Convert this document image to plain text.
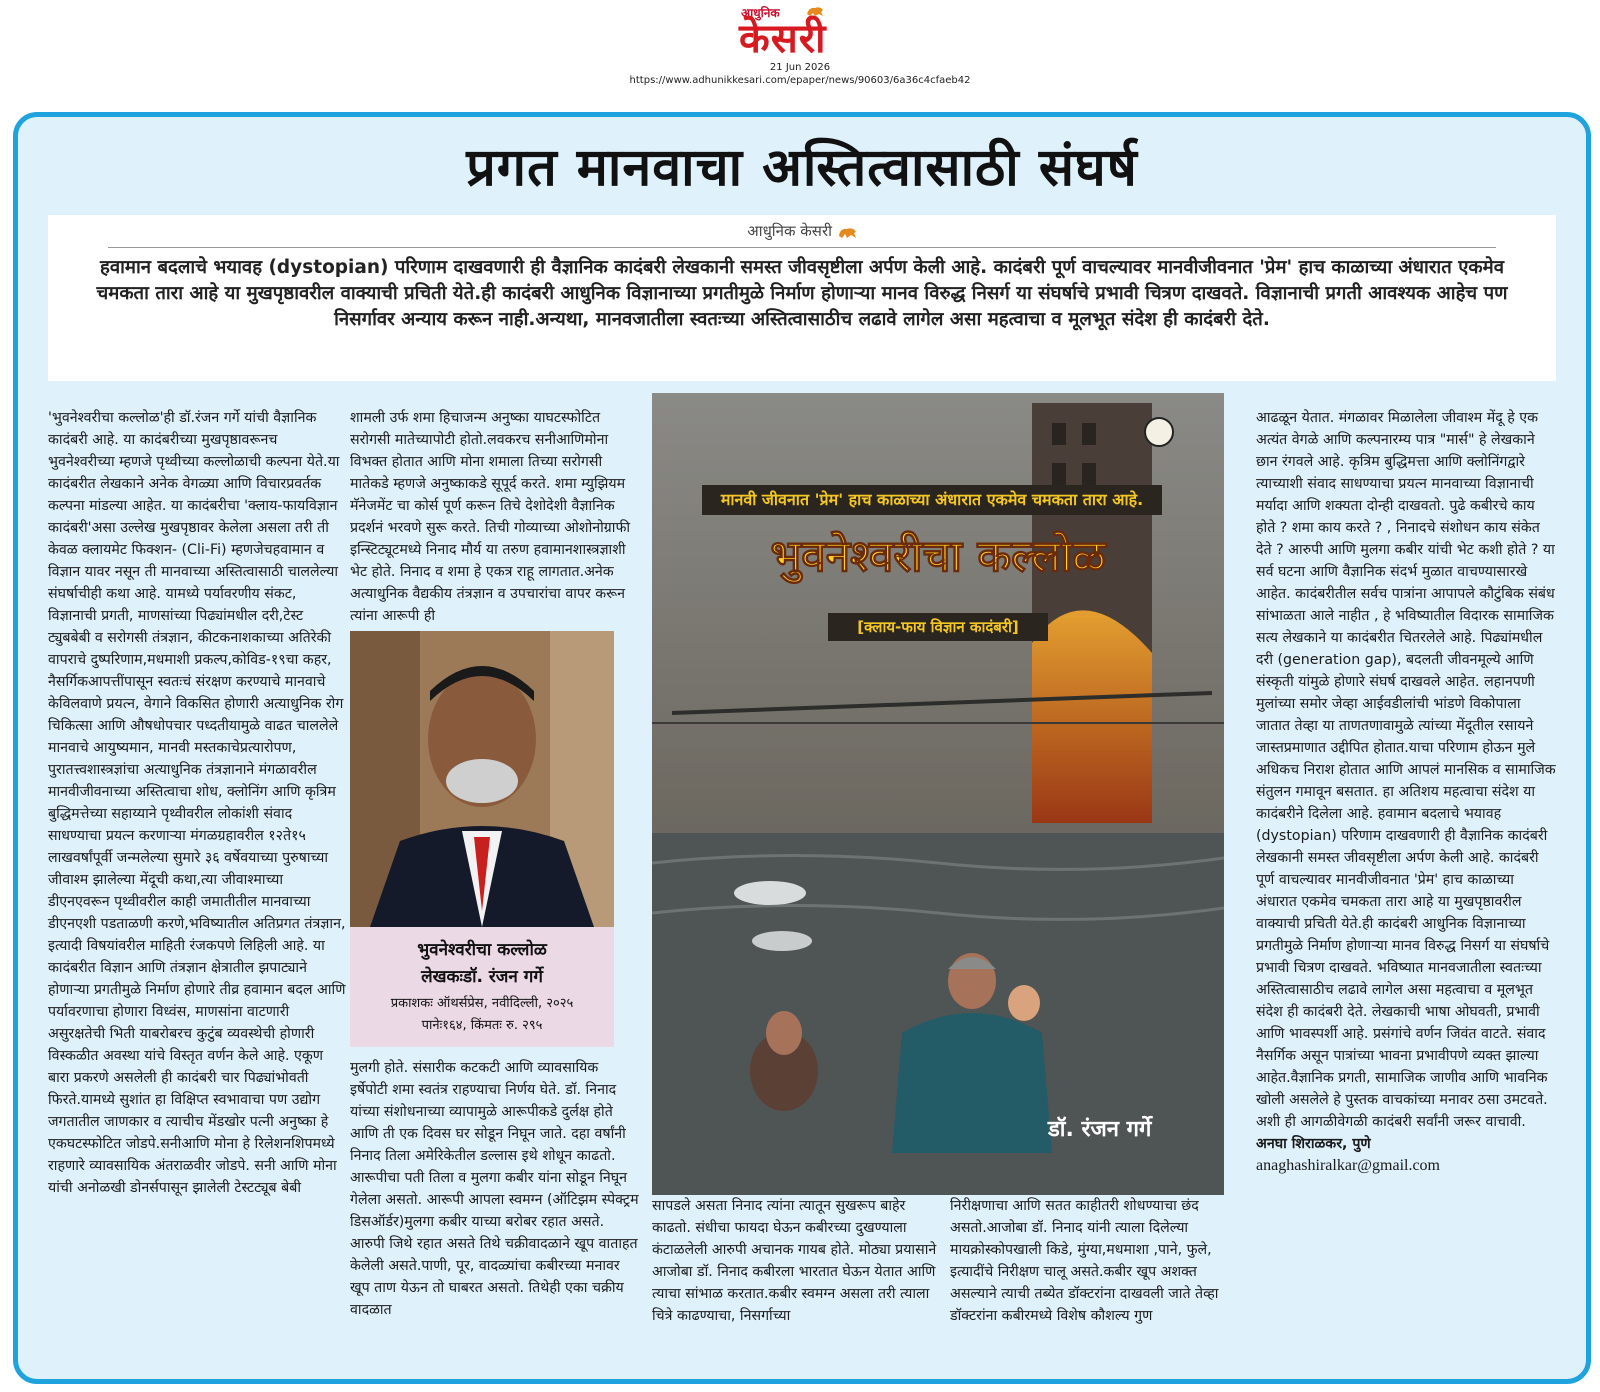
आधुनिक
केसरी
21 Jun 2026
https://www.adhunikkesari.com/epaper/news/90603/6a36c4cfaeb42
प्रगत मानवाचा अस्तित्वासाठी संघर्ष
आधुनिक केसरी

हवामान बदलाचे भयावह (dystopian) परिणाम दाखवणारी ही वैज्ञानिक कादंबरी लेखकानी समस्त जीवसृष्टीला अर्पण केली आहे. कादंबरी पूर्ण वाचल्यावर मानवीजीवनात 'प्रेम' हाच काळाच्या अंधारात एकमेव चमकता तारा आहे या मुखपृष्ठावरील वाक्याची प्रचिती येते.ही कादंबरी आधुनिक विज्ञानाच्या प्रगतीमुळे निर्माण होणाऱ्या मानव विरुद्ध निसर्ग या संघर्षाचे प्रभावी चित्रण दाखवते. विज्ञानाची प्रगती आवश्यक आहेच पण निसर्गावर अन्याय करून नाही.अन्यथा, मानवजातीला स्वतःच्या अस्तित्वासाठीच लढावे लागेल असा महत्वाचा व मूलभूत संदेश ही कादंबरी देते.

'भुवनेश्वरीचा कल्लोळ'ही डॉ.रंजन गर्गे यांची वैज्ञानिक कादंबरी आहे. या कादंबरीच्या मुखपृष्ठावरूनच भुवनेश्वरीच्या म्हणजे पृथ्वीच्या कल्लोळाची कल्पना येते.या कादंबरीत लेखकाने अनेक वेगळ्या आणि विचारप्रवर्तक कल्पना मांडल्या आहेत. या कादंबरीचा 'क्लाय-फायविज्ञान कादंबरी'असा उल्लेख मुखपृष्ठावर केलेला असला तरी ती केवळ क्लायमेट फिक्शन- (Cli-Fi) म्हणजेचहवामान व विज्ञान यावर नसून ती मानवाच्या अस्तित्वासाठी चाललेल्या संघर्षाचीही कथा आहे. यामध्ये पर्यावरणीय संकट, विज्ञानाची प्रगती, माणसांच्या पिढ्यांमधील दरी,टेस्ट ट्युबबेबी व सरोगसी तंत्रज्ञान, कीटकनाशकाच्या अतिरेकी वापराचे दुष्परिणाम,मधमाशी प्रकल्प,कोविड-१९चा कहर, नैसर्गिकआपत्तींपासून स्वतःचं संरक्षण करण्याचे मानवाचे केविलवाणे प्रयत्न, वेगाने विकसित होणारी अत्याधुनिक रोग चिकित्सा आणि औषधोपचार पध्दतीयामुळे वाढत चाललेले मानवाचे आयुष्यमान, मानवी मस्तकाचेप्रत्यारोपण, पुरातत्त्वशास्त्रज्ञांचा अत्याधुनिक तंत्रज्ञानाने मंगळावरील मानवीजीवनाच्या अस्तित्वाचा शोध, क्लोनिंग आणि कृत्रिम बुद्धिमत्तेच्या सहाय्याने पृथ्वीवरील लोकांशी संवाद साधण्याचा प्रयत्न करणाऱ्या मंगळग्रहावरील १२ते१५ लाखवर्षांपूर्वी जन्मलेल्या सुमारे ३६ वर्षेवयाच्या पुरुषाच्या जीवाश्म झालेल्या मेंदूची कथा,त्या जीवाश्माच्या डीएनएवरून पृथ्वीवरील काही जमातीतील मानवाच्या डीएनएशी पडताळणी करणे,भविष्यातील अतिप्रगत तंत्रज्ञान, इत्यादी विषयांवरील माहिती रंजकपणे लिहिली आहे. या कादंबरीत विज्ञान आणि तंत्रज्ञान क्षेत्रातील झपाट्याने होणाऱ्या प्रगतीमुळे निर्माण होणारे तीव्र हवामान बदल आणि पर्यावरणाचा होणारा विध्वंस, माणसांना वाटणारी असुरक्षतेची भिती याबरोबरच कुटुंब व्यवस्थेची होणारी विस्कळीत अवस्था यांचे विस्तृत वर्णन केले आहे. एकूण बारा प्रकरणे असलेली ही कादंबरी चार पिढ्यांभोवती फिरते.यामध्ये सुशांत हा विक्षिप्त स्वभावाचा पण उद्योग जगतातील जाणकार व त्याचीच मेंडखोर पत्नी अनुष्का हे एकघटस्फोटित जोडपे.सनीआणि मोना हे रिलेशनशिपमध्ये राहणारे व्यावसायिक अंतराळवीर जोडपे. सनी आणि मोना यांची अनोळखी डोनर्सपासून झालेली टेस्टट्यूब बेबी

शामली उर्फ शमा हिचाजन्म अनुष्का याघटस्फोटित सरोगसी मातेच्यापोटी होतो.लवकरच सनीआणिमोना विभक्त होतात आणि मोना शमाला तिच्या सरोगसी मातेकडे म्हणजे अनुष्काकडे सूपूर्द करते. शमा म्युझियम मॅनेजमेंट चा कोर्स पूर्ण करून तिचे देशोदेशी वैज्ञानिक प्रदर्शनं भरवणे सुरू करते. तिची गोव्याच्या ओशोनोग्राफी इन्स्टिट्यूटमध्ये निनाद मौर्य या तरुण हवामानशास्त्रज्ञाशी भेट होते. निनाद व शमा हे एकत्र राहू लागतात.अनेक अत्याधुनिक वैद्यकीय तंत्रज्ञान व उपचारांचा वापर करून त्यांना आरूपी ही

भुवनेश्वरीचा कल्लोळ
लेखकःडॉ. रंजन गर्गे
प्रकाशकः ऑथर्सप्रेस, नवीदिल्ली, २०२५
पानेः१६४, किंमतः रु. २९५

मुलगी होते. संसारीक कटकटी आणि व्यावसायिक इर्षेपोटी शमा स्वतंत्र राहण्याचा निर्णय घेते. डॉ. निनाद यांच्या संशोधनाच्या व्यापामुळे आरूपीकडे दुर्लक्ष होते आणि ती एक दिवस घर सोडून निघून जाते. दहा वर्षांनी निनाद तिला अमेरिकेतील डल्लास इथे शोधून काढतो. आरूपीचा पती तिला व मुलगा कबीर यांना सोडून निघून गेलेला असतो. आरूपी आपला स्वमग्न (ऑटिझम स्पेक्ट्रम डिसऑर्डर)मुलगा कबीर याच्या बरोबर रहात असते. आरुपी जिथे रहात असते तिथे चक्रीवादळाने खूप वाताहत केलेली असते.पाणी, पूर, वादळ्यांचा कबीरच्या मनावर खूप ताण येऊन तो घाबरत असतो. तिथेही एका चक्रीय वादळात

मानवी जीवनात 'प्रेम' हाच काळाच्या अंधारात एकमेव चमकता तारा आहे.
भुवनेश्वरीचा कल्लोळ
[क्लाय-फाय विज्ञान कादंबरी]
डॉ. रंजन गर्गे

सापडले असता निनाद त्यांना त्यातून सुखरूप बाहेर काढतो. संधीचा फायदा घेऊन कबीरच्या दुखण्याला कंटाळलेली आरुपी अचानक गायब होते. मोठ्या प्रयासाने आजोबा डॉ. निनाद कबीरला भारतात घेऊन येतात आणि त्याचा सांभाळ करतात.कबीर स्वमग्न असला तरी त्याला चित्रे काढण्याचा, निसर्गाच्या

निरीक्षणाचा आणि सतत काहीतरी शोधण्याचा छंद असतो.आजोबा डॉ. निनाद यांनी त्याला दिलेल्या मायक्रोस्कोपखाली किडे, मुंग्या,मधमाशा ,पाने, फुले, इत्यादींचे निरीक्षण चालू असते.कबीर खूप अशक्त असल्याने त्याची तब्येत डॉक्टरांना दाखवली जाते तेव्हा डॉक्टरांना कबीरमध्ये विशेष कौशल्य गुण

आढळून येतात. मंगळावर मिळालेला जीवाश्म मेंदू हे एक अत्यंत वेगळे आणि कल्पनारम्य पात्र "मार्स" हे लेखकाने छान रंगवले आहे. कृत्रिम बुद्धिमत्ता आणि क्लोनिंगद्वारे त्याच्याशी संवाद साधण्याचा प्रयत्न मानवाच्या विज्ञानाची मर्यादा आणि शक्यता दोन्ही दाखवतो. पुढे कबीरचे काय होते ? शमा काय करते ? , निनादचे संशोधन काय संकेत देते ? आरुपी आणि मुलगा कबीर यांची भेट कशी होते ? या सर्व घटना आणि वैज्ञानिक संदर्भ मुळात वाचण्यासारखे आहेत. कादंबरीतील सर्वच पात्रांना आपापले कौटुंबिक संबंध सांभाळता आले नाहीत , हे भविष्यातील विदारक सामाजिक सत्य लेखकाने या कादंबरीत चितरलेले आहे. पिढ्यांमधील दरी (generation gap), बदलती जीवनमूल्ये आणि संस्कृती यांमुळे होणारे संघर्ष दाखवले आहेत. लहानपणी मुलांच्या समोर जेव्हा आईवडीलांची भांडणे विकोपाला जातात तेव्हा या ताणतणावामुळे त्यांच्या मेंदूतील रसायने जास्तप्रमाणात उद्दीपित होतात.याचा परिणाम होऊन मुले अधिकच निराश होतात आणि आपलं मानसिक व सामाजिक संतुलन गमावून बसतात. हा अतिशय महत्वाचा संदेश या कादंबरीने दिलेला आहे. हवामान बदलाचे भयावह (dystopian) परिणाम दाखवणारी ही वैज्ञानिक कादंबरी लेखकानी समस्त जीवसृष्टीला अर्पण केली आहे. कादंबरी पूर्ण वाचल्यावर मानवीजीवनात 'प्रेम' हाच काळाच्या अंधारात एकमेव चमकता तारा आहे या मुखपृष्ठावरील वाक्याची प्रचिती येते.ही कादंबरी आधुनिक विज्ञानाच्या प्रगतीमुळे निर्माण होणाऱ्या मानव विरुद्ध निसर्ग या संघर्षाचे प्रभावी चित्रण दाखवते. भविष्यात मानवजातीला स्वतःच्या अस्तित्वासाठीच लढावे लागेल असा महत्वाचा व मूलभूत संदेश ही कादंबरी देते. लेखकाची भाषा ओघवती, प्रभावी आणि भावस्पर्शी आहे. प्रसंगांचे वर्णन जिवंत वाटते. संवाद नैसर्गिक असून पात्रांच्या भावना प्रभावीपणे व्यक्त झाल्या आहेत.वैज्ञानिक प्रगती, सामाजिक जाणीव आणि भावनिक खोली असलेले हे पुस्तक वाचकांच्या मनावर ठसा उमटवते. अशी ही आगळीवेगळी कादंबरी सर्वांनी जरूर वाचावी.

अनघा शिराळकर, पुणे

anaghashiralkar@gmail.com
